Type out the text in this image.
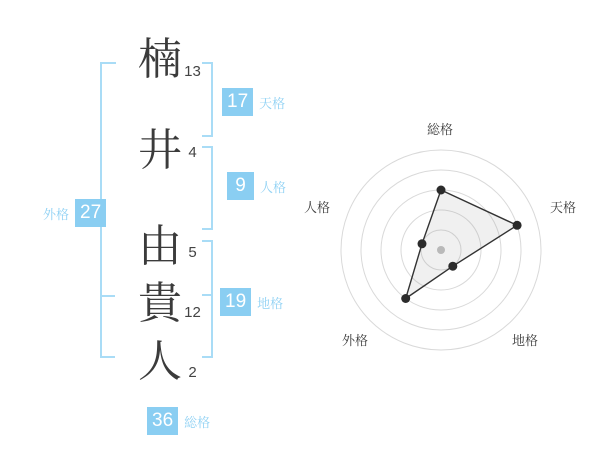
楠
井
由
貴
人
13
4
5
12
2
17 天格
9	人格
19 地格
外格 27
36 総格
総格
天格
地格
外格
人格
